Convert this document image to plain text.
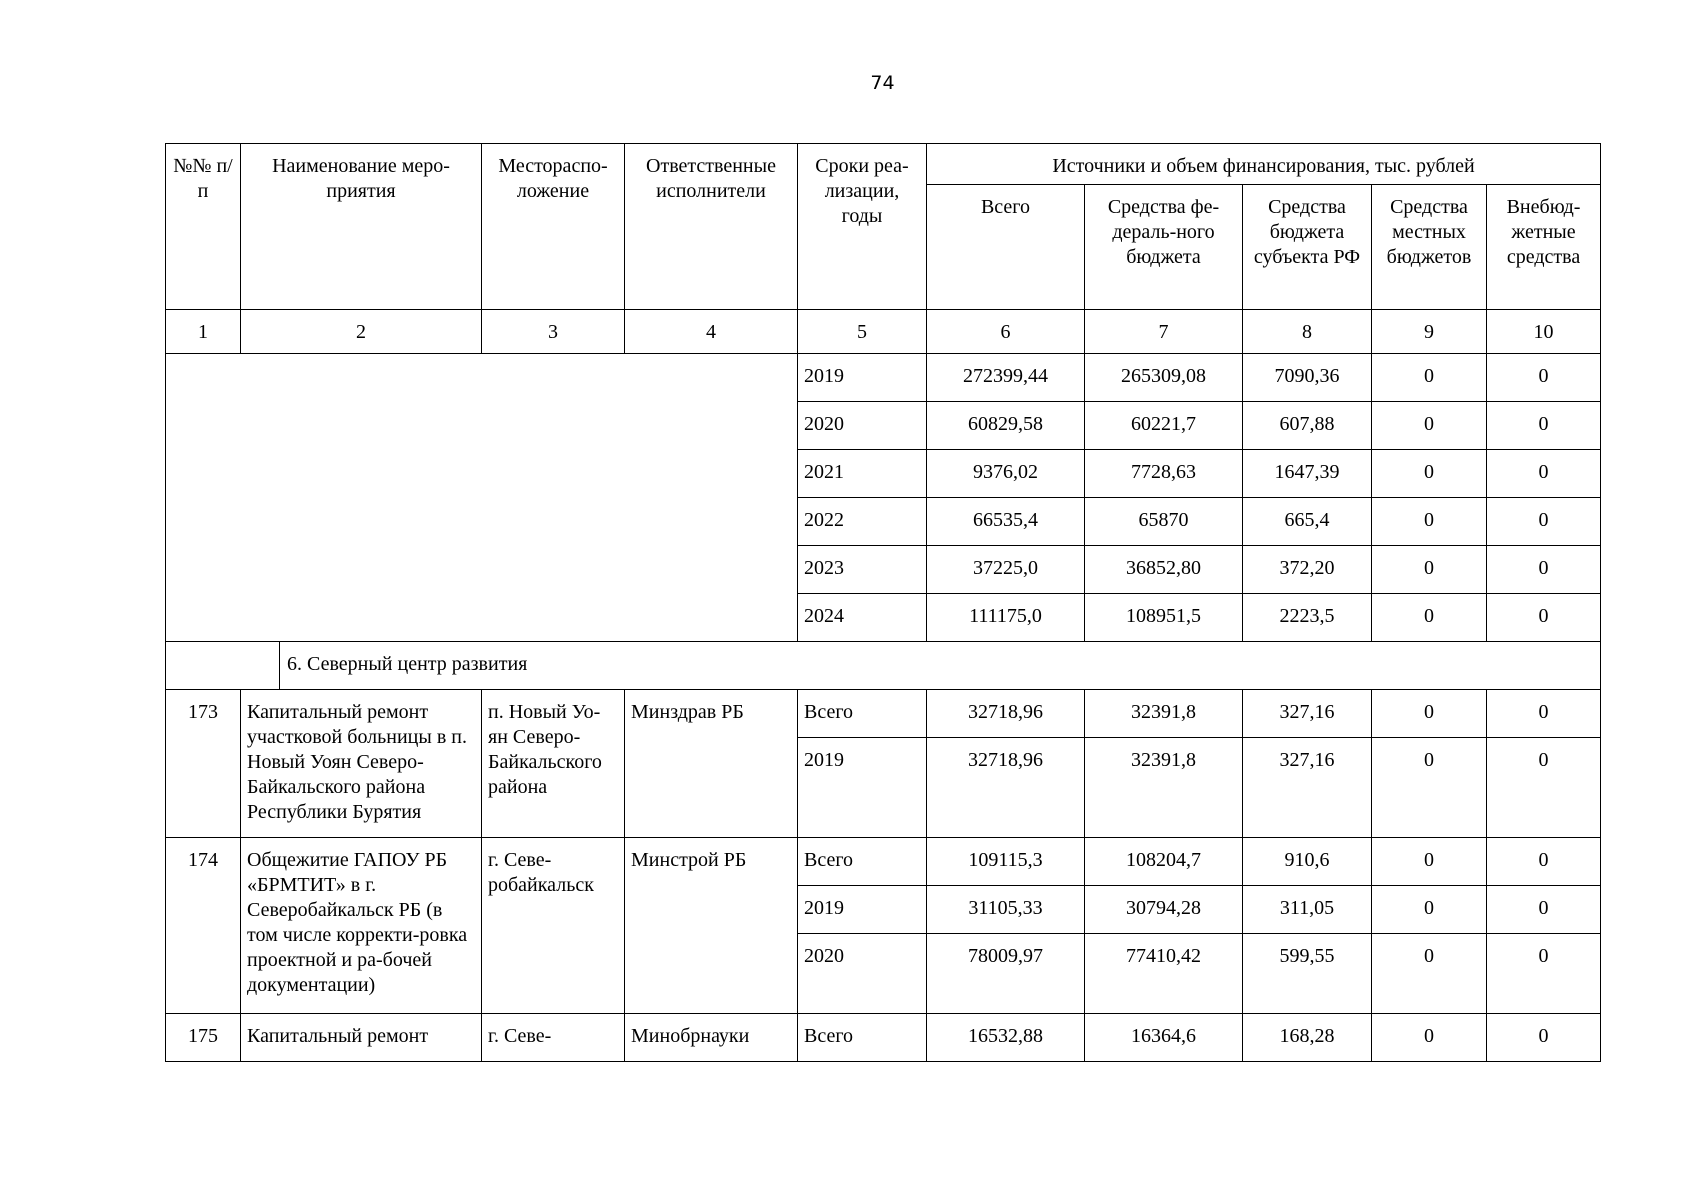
74
№№ п/п	Наименование меро-приятия	Местораспо-ложение	Ответственные исполнители	Сроки реа-лизации, годы	Источники и объем финансирования, тыс. рублей				
					Всего	Средства фе-дераль-ного бюджета	Средства бюджета субъекта РФ	Средства местных бюджетов	Внебюд-жетные средства
1	2	3	4	5	6	7	8	9	10
				2019	272399,44	265309,08	7090,36	0	0
				2020	60829,58	60221,7	607,88	0	0
				2021	9376,02	7728,63	1647,39	0	0
				2022	66535,4	65870	665,4	0	0
				2023	37225,0	36852,80	372,20	0	0
				2024	111175,0	108951,5	2223,5	0	0

6. Северный центр развития									
173	Капитальный ремонт участковой больницы в п. Новый Уоян Северо-Байкальского района Республики Бурятия	п. Новый Уо-ян Северо-Байкальского района	Минздрав РБ	Всего	32718,96	32391,8	327,16	0	0
				2019	32718,96	32391,8	327,16	0	0
174	Общежитие ГАПОУ РБ «БРМТИТ» в г. Северобайкальск РБ (в том числе корректи-ровка проектной и ра-бочей документации)	г. Севе-робайкальск	Минстрой РБ	Всего	109115,3	108204,7	910,6	0	0
				2019	31105,33	30794,28	311,05	0	0
				2020	78009,97	77410,42	599,55	0	0
175	Капитальный ремонт	г. Севе-	Минобрнауки	Всего	16532,88	16364,6	168,28	0	0
